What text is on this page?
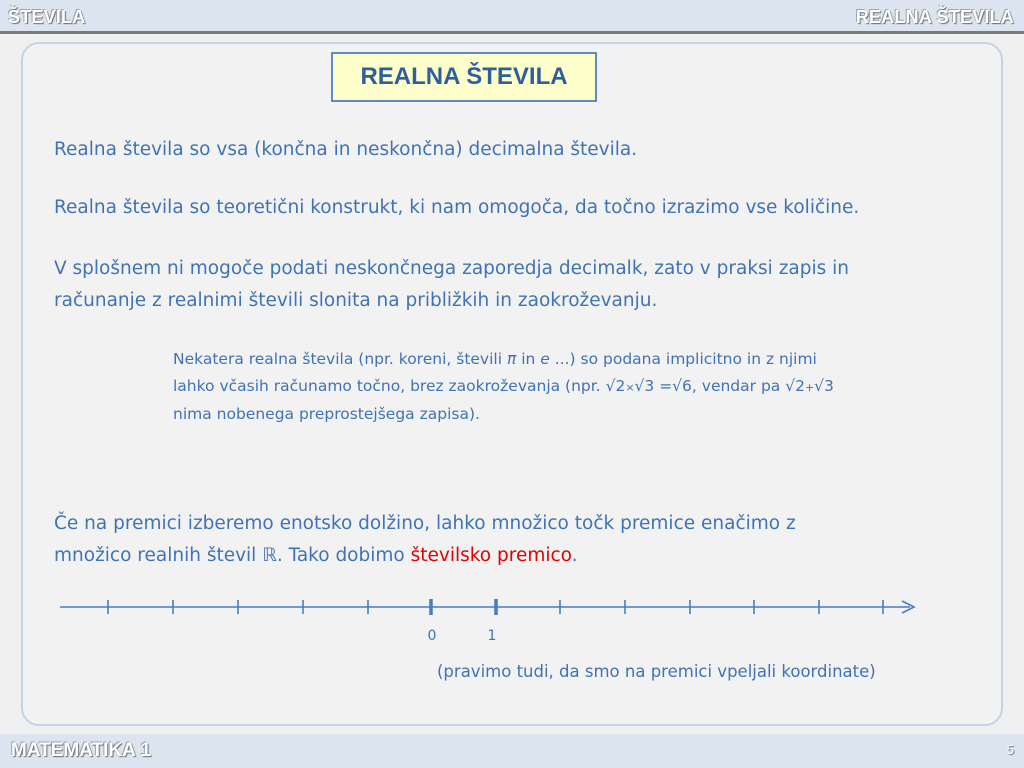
ŠTEVILA	REALNA ŠTEVILA
REALNA ŠTEVILA
Realna števila so vsa (končna in neskončna) decimalna števila.
Realna števila so teoretični konstrukt, ki nam omogoča, da točno izrazimo vse količine.
V splošnem ni mogoče podati neskončnega zaporedja decimalk, zato v praksi zapis in
računanje z realnimi števili slonita na približkih in zaokroževanju.
Nekatera realna števila (npr. koreni, števili π in e ...) so podana implicitno in z njimi
lahko včasih računamo točno, brez zaokroževanja (npr. √2×√3 =√6, vendar pa √2+√3
nima nobenega preprostejšega zapisa).
Če na premici izberemo enotsko dolžino, lahko množico točk premice enačimo z
množico realnih števil ℝ. Tako dobimo številsko premico.
0	1
(pravimo tudi, da smo na premici vpeljali koordinate)
MATEMATIKA 1	5
